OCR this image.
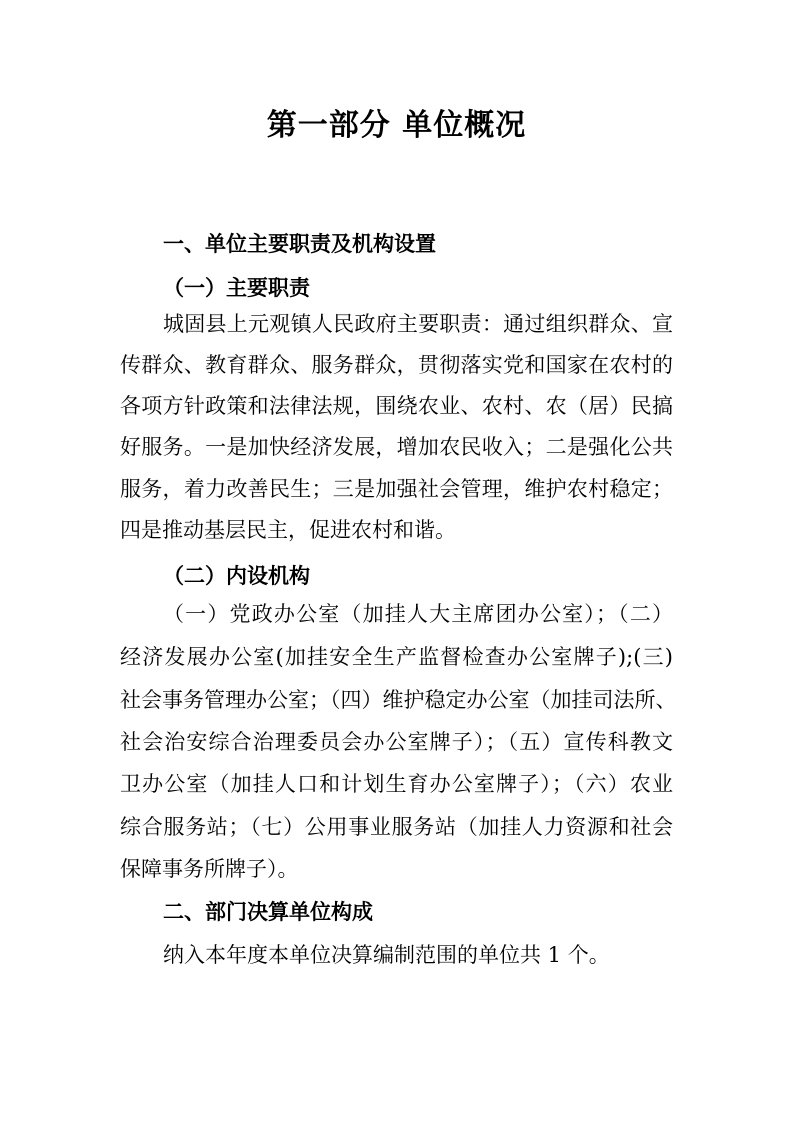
第一部分 单位概况
一、单位主要职责及机构设置
（一）主要职责

城固县上元观镇人民政府主要职责：通过组织群众、宣

传群众、教育群众、服务群众，贯彻落实党和国家在农村的

各项方针政策和法律法规，围绕农业、农村、农（居）民搞

好服务。一是加快经济发展，增加农民收入；二是强化公共

服务，着力改善民生；三是加强社会管理，维护农村稳定；

四是推动基层民主，促进农村和谐。

（二）内设机构

（一）党政办公室（加挂人大主席团办公室）；（二）

经济发展办公室(加挂安全生产监督检查办公室牌子);(三)

社会事务管理办公室；（四）维护稳定办公室（加挂司法所、

社会治安综合治理委员会办公室牌子）；（五）宣传科教文

卫办公室（加挂人口和计划生育办公室牌子）；（六）农业

综合服务站；（七）公用事业服务站（加挂人力资源和社会

保障事务所牌子）。

二、部门决算单位构成

纳入本年度本单位决算编制范围的单位共 1 个。
